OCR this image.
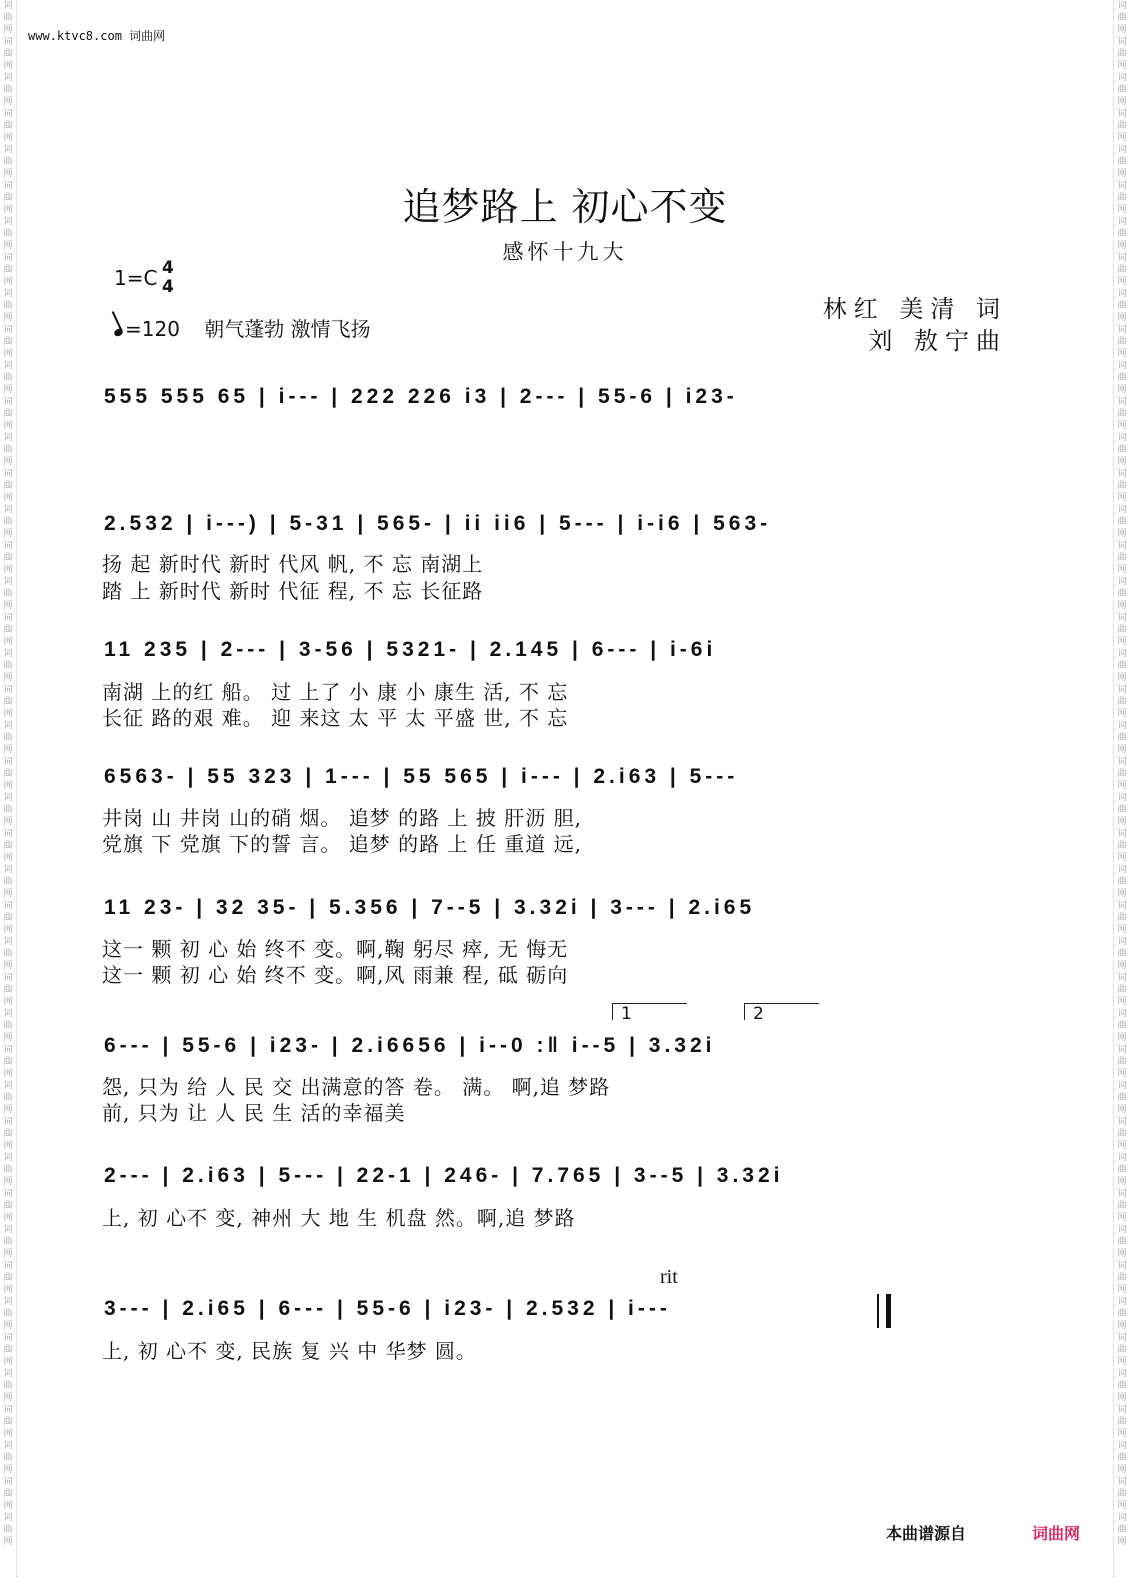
词
曲
网
词
曲
网
词
曲
网
词
曲
网
词
曲
网
词
曲
网
词
曲
网
词
曲
网
词
曲
网
词
曲
网
词
曲
网
词
曲
网
词
曲
网
词
曲
网
词
曲
网
词
曲
网
词
曲
网
词
曲
网
词
曲
网
词
曲
网
词
曲
网
词
曲
网
词
曲
网
词
曲
网
词
曲
网
词
曲
网
词
曲
网
词
曲
网
词
曲
网
词
曲
网
词
曲
网
词
曲
网
词
曲
网
词
曲
网
词
曲
网
词
曲
网
词
曲
网
词
曲
网
词
曲
网
词
曲
网
词
曲
网
词
曲
网
词
曲
网
词
曲
网
词
曲
网
词
曲
网
词
曲
网
词
曲
网
词
曲
网
词
曲
网
词
曲
网
词
曲
网
词
曲
网
词
曲
网
词
曲
网
词
曲
网
词
曲
网
词
曲
网
词
曲
网
词
曲
网
词
曲
网
词
曲
网
词
曲
网
词
曲
网
词
曲
网
词
曲
网
词
曲
网
词
曲
网
词
曲
网
词
曲
网
词
曲
网
词
曲
网
词
曲
网
词
曲
网
词
曲
网
词
曲
网
词
曲
网
词
曲
网
词
曲
网
词
曲
网
词
曲
网
词
曲
网
词
曲
网
词
曲
网
词
曲
网
词
曲
网
www.ktvc8.com 词曲网
追梦路上 初心不变
感怀十九大
1=C 4
4
=120 朝气蓬勃 激情飞扬
林红 美清 词
刘 敖宁曲
555 555 65 | i--- | 222 226 i3 | 2--- | 55-6 | i23-
2.532 | i---) | 5-31 | 565- | ii ii6 | 5--- | i-i6 | 563-
扬 起 新时代 新时 代风 帆, 不 忘 南湖上
踏 上 新时代 新时 代征 程, 不 忘 长征路
11 235 | 2--- | 3-56 | 5321- | 2.145 | 6--- | i-6i
南湖 上的红 船。 过 上了 小 康 小 康生 活, 不 忘
长征 路的艰 难。 迎 来这 太 平 太 平盛 世, 不 忘
6563- | 55 323 | 1--- | 55 565 | i--- | 2.i63 | 5---
井岗 山 井岗 山的硝 烟。 追梦 的路 上 披 肝沥 胆,
党旗 下 党旗 下的誓 言。 追梦 的路 上 任 重道 远,
11 23- | 32 35- | 5.356 | 7--5 | 3.32i | 3--- | 2.i65
这一 颗 初 心 始 终不 变。啊,鞠 躬尽 瘁, 无 悔无
这一 颗 初 心 始 终不 变。啊,风 雨兼 程, 砥 砺向
1	2
6--- | 55-6 | i23- | 2.i6656 | i--0 :‖ i--5 | 3.32i
怨, 只为 给 人 民 交 出满意的答 卷。 满。 啊,追 梦路
前, 只为 让 人 民 生 活的幸福美
2--- | 2.i63 | 5--- | 22-1 | 246- | 7.765 | 3--5 | 3.32i
上, 初 心不 变, 神州 大 地 生 机盘 然。啊,追 梦路
rit
3--- | 2.i65 | 6--- | 55-6 | i23- | 2.532 | i---
上, 初 心不 变, 民族 复 兴 中 华梦 圆。
本曲谱源自	词曲网
